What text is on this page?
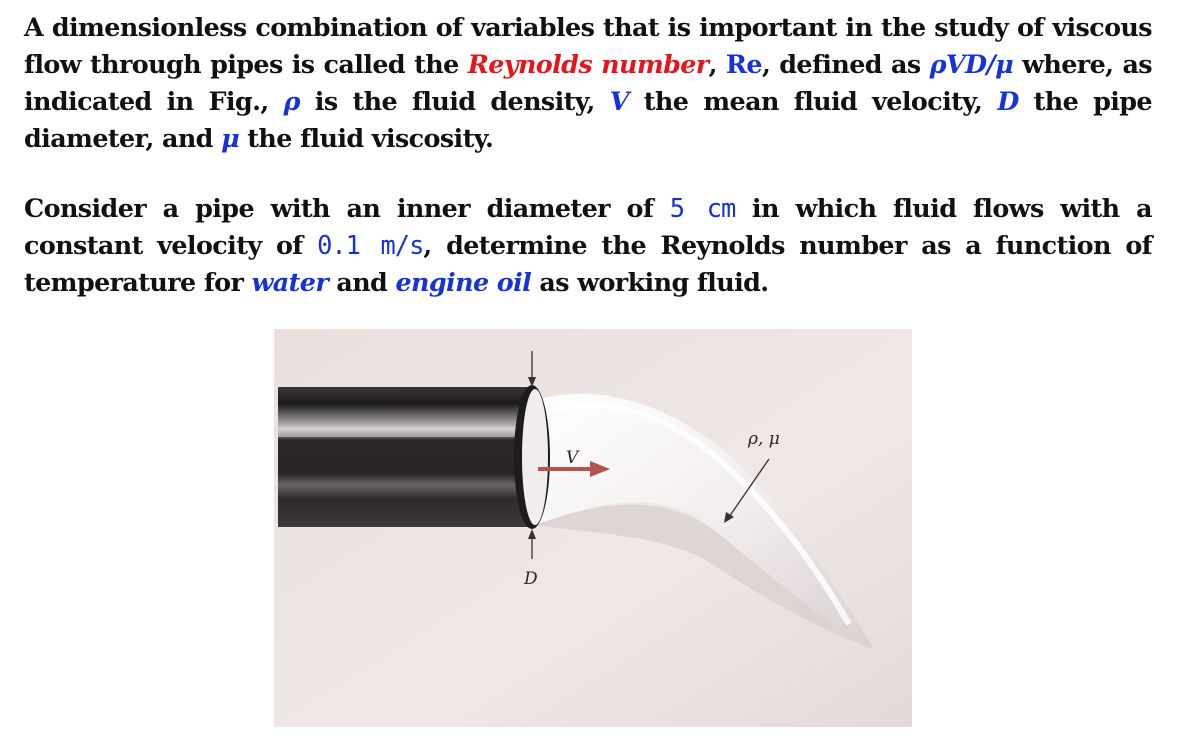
A dimensionless combination of variables that is important in the study of viscous flow through pipes is called the Reynolds number, Re, defined as ρVD/μ where, as indicated in Fig., ρ is the fluid density, V the mean fluid velocity, D the pipe diameter, and μ the fluid viscosity.

Consider a pipe with an inner diameter of 5 cm in which fluid flows with a constant velocity of 0.1 m/s, determine the Reynolds number as a function of temperature for water and engine oil as working fluid.

V
D
ρ, μ
